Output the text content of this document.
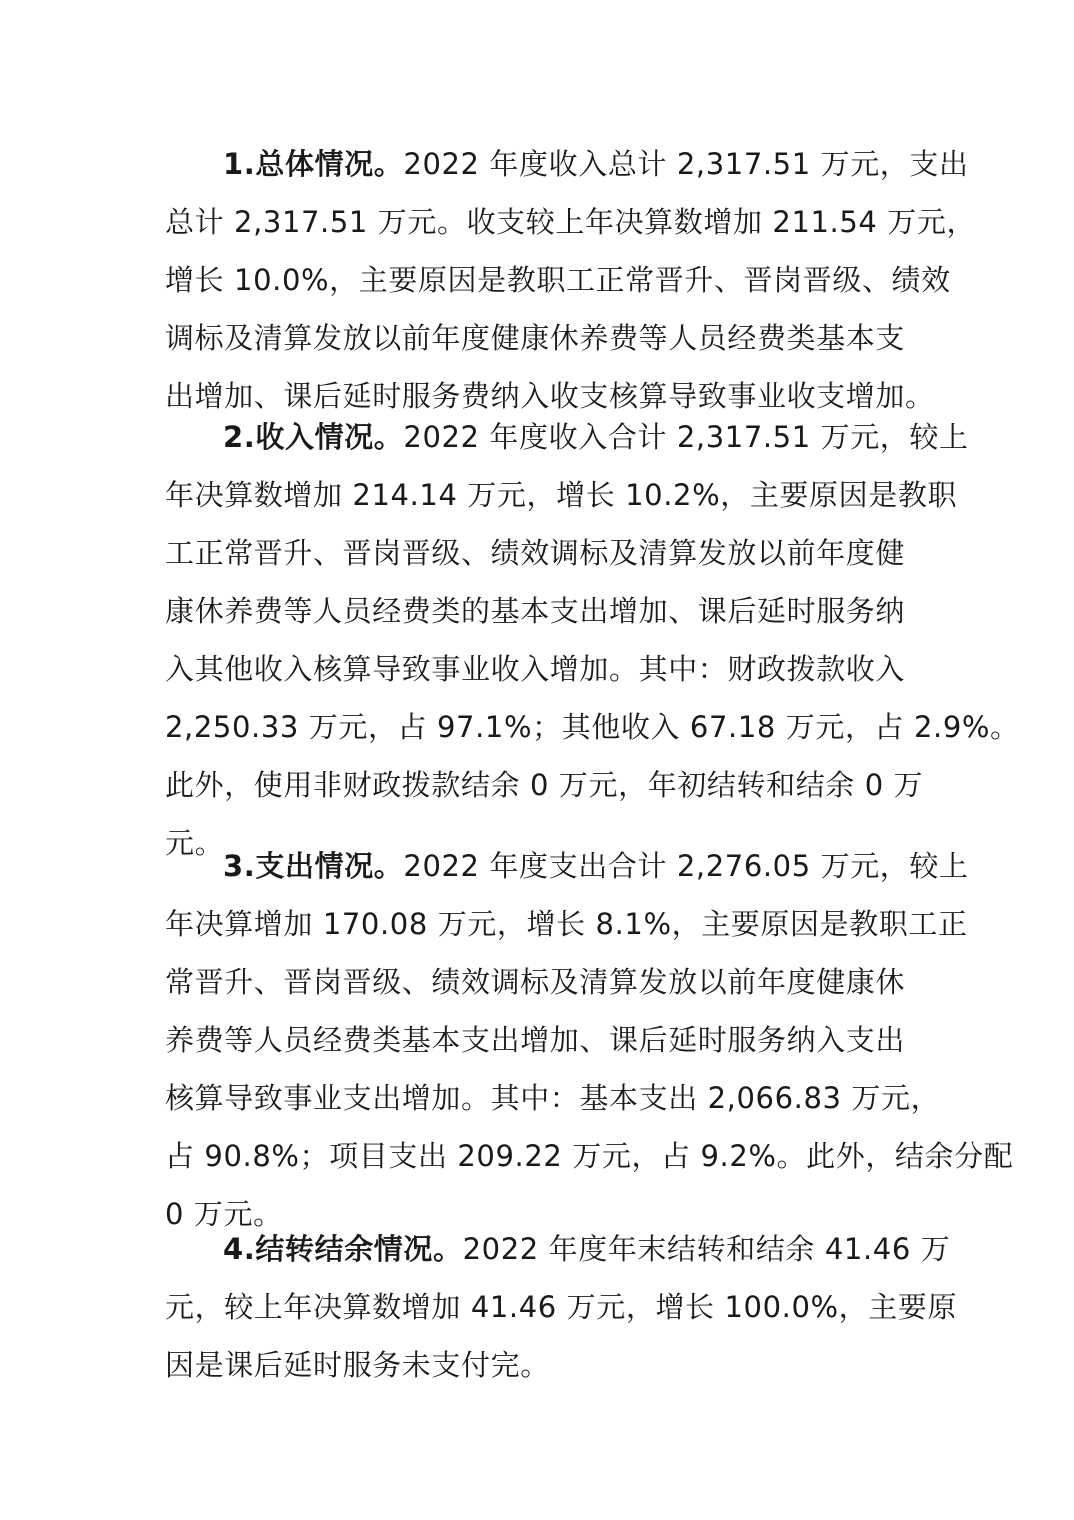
1.总体情况。2022 年度收入总计 2,317.51 万元，支出
总计 2,317.51 万元。收支较上年决算数增加 211.54 万元，
增长 10.0%，主要原因是教职工正常晋升、晋岗晋级、绩效
调标及清算发放以前年度健康休养费等人员经费类基本支
出增加、课后延时服务费纳入收支核算导致事业收支增加。
2.收入情况。2022 年度收入合计 2,317.51 万元，较上
年决算数增加 214.14 万元，增长 10.2%，主要原因是教职
工正常晋升、晋岗晋级、绩效调标及清算发放以前年度健
康休养费等人员经费类的基本支出增加、课后延时服务纳
入其他收入核算导致事业收入增加。其中：财政拨款收入
2,250.33 万元，占 97.1%；其他收入 67.18 万元，占 2.9%。
此外，使用非财政拨款结余 0 万元，年初结转和结余 0 万
元。
3.支出情况。2022 年度支出合计 2,276.05 万元，较上
年决算增加 170.08 万元，增长 8.1%，主要原因是教职工正
常晋升、晋岗晋级、绩效调标及清算发放以前年度健康休
养费等人员经费类基本支出增加、课后延时服务纳入支出
核算导致事业支出增加。其中：基本支出 2,066.83 万元，
占 90.8%；项目支出 209.22 万元，占 9.2%。此外，结余分配
0 万元。
4.结转结余情况。2022 年度年末结转和结余 41.46 万
元，较上年决算数增加 41.46 万元，增长 100.0%，主要原
因是课后延时服务未支付完。
